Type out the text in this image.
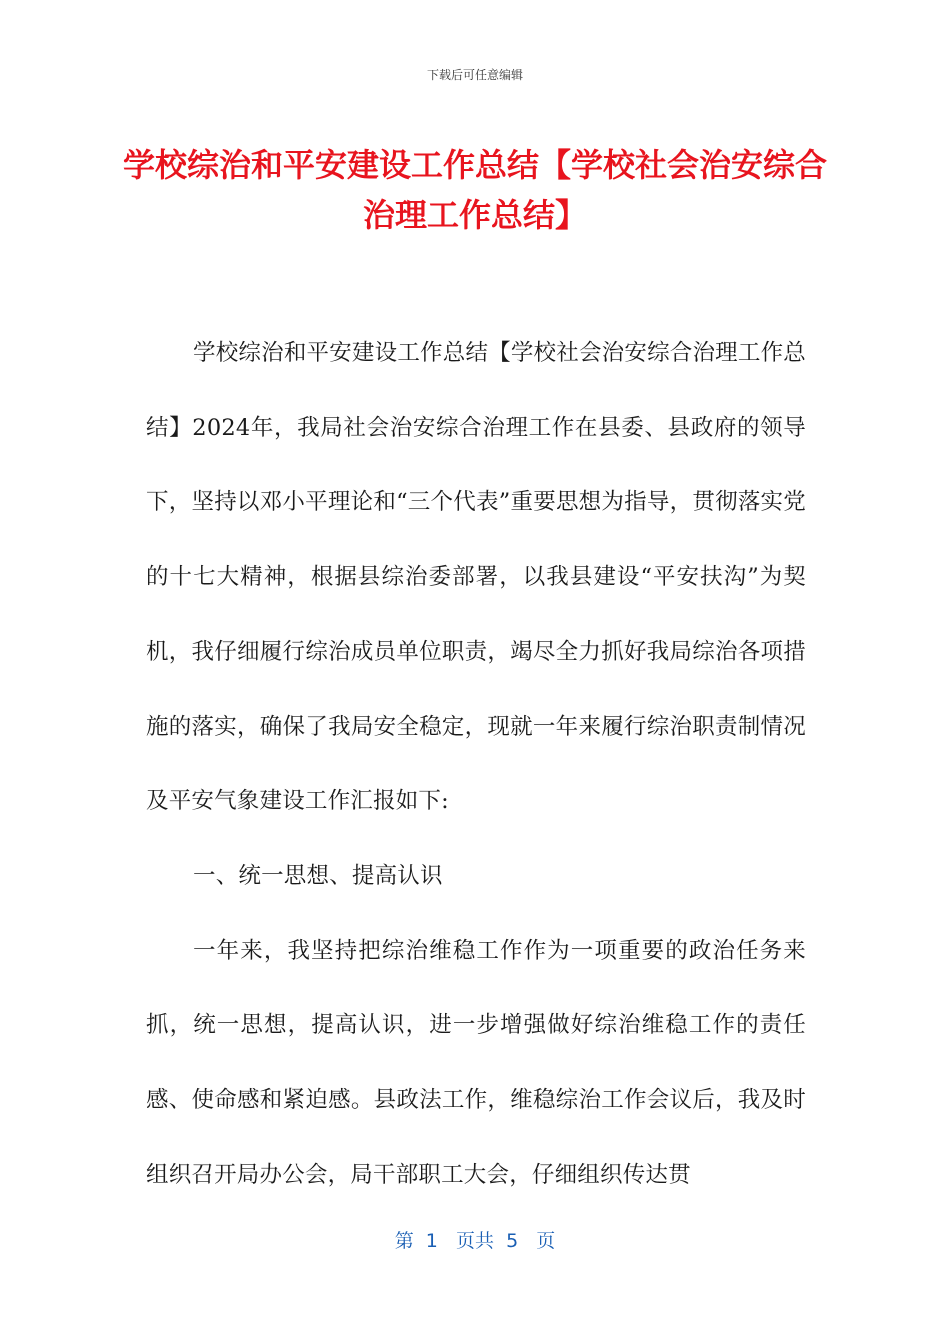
下载后可任意编辑
学校综治和平安建设工作总结【学校社会治安综合治理工作总结】

学校综治和平安建设工作总结【学校社会治安综合治理工作总结】2024年，我局社会治安综合治理工作在县委、县政府的领导下，坚持以邓小平理论和“三个代表”重要思想为指导，贯彻落实党的十七大精神，根据县综治委部署，以我县建设“平安扶沟”为契机，我仔细履行综治成员单位职责，竭尽全力抓好我局综治各项措施的落实，确保了我局安全稳定，现就一年来履行综治职责制情况及平安气象建设工作汇报如下:

一、统一思想、提高认识

一年来，我坚持把综治维稳工作作为一项重要的政治任务来抓，统一思想，提高认识，进一步增强做好综治维稳工作的责任感、使命感和紧迫感。县政法工作，维稳综治工作会议后，我及时组织召开局办公会，局干部职工大会，仔细组织传达贯

第  1   页共  5   页
